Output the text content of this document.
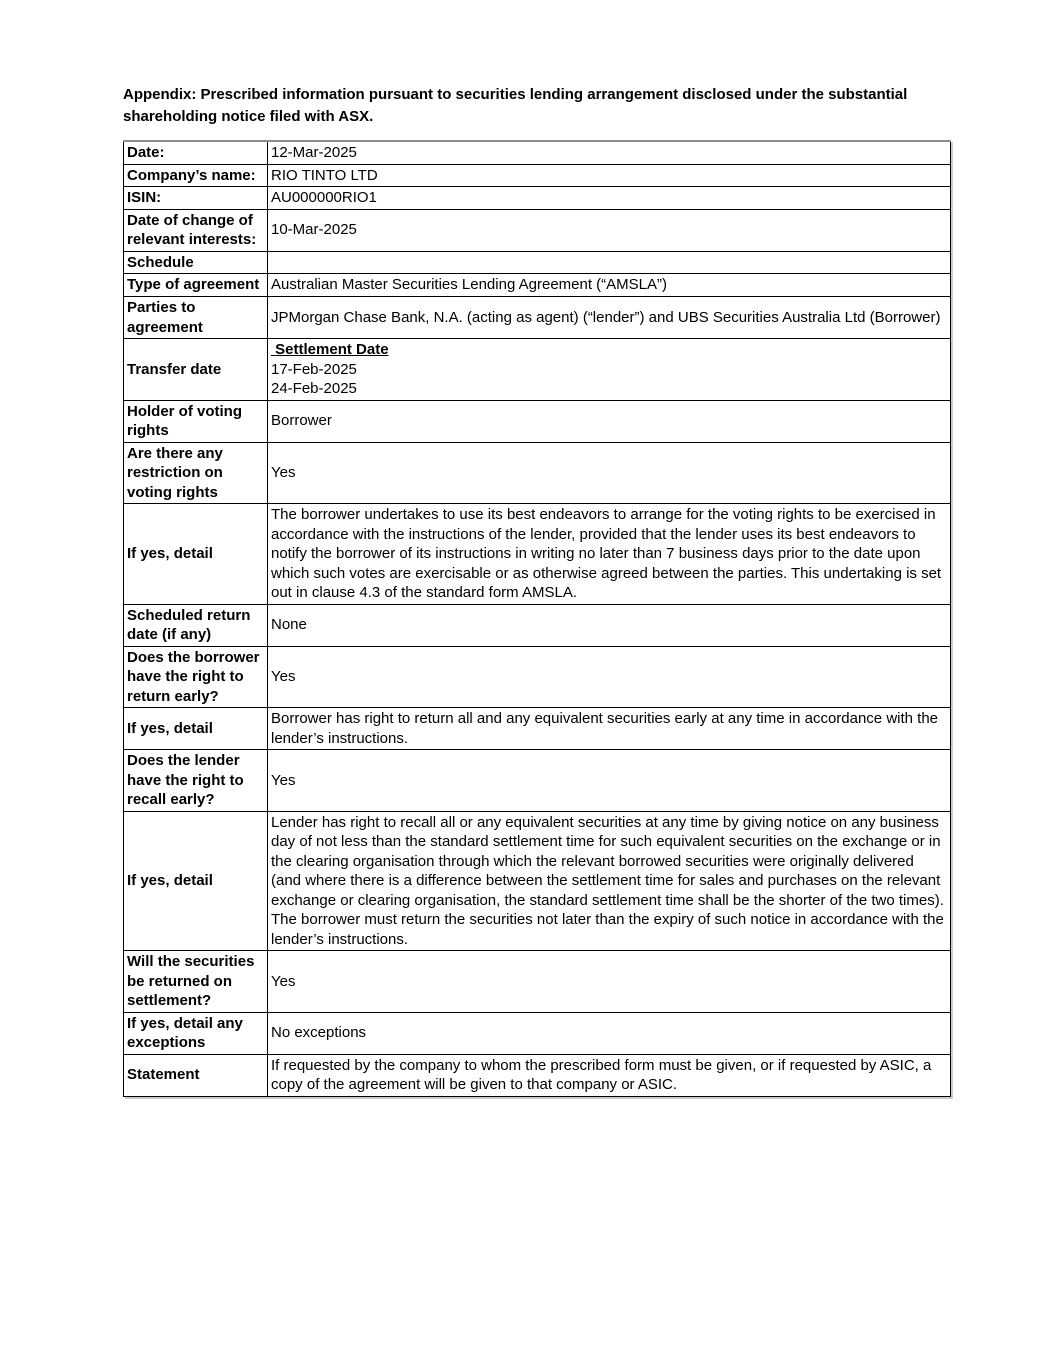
Appendix: Prescribed information pursuant to securities lending arrangement disclosed under the substantial shareholding notice filed with ASX.
Date:	12-Mar-2025
Company’s name:	RIO TINTO LTD
ISIN:	AU000000RIO1
Date of change of relevant interests:	10-Mar-2025
Schedule	
Type of agreement	Australian Master Securities Lending Agreement (“AMSLA”)
Parties to agreement	JPMorgan Chase Bank, N.A. (acting as agent) (“lender”) and UBS Securities Australia Ltd (Borrower)
Transfer date	Settlement Date
17-Feb-2025
24-Feb-2025

Holder of voting rights	Borrower
Are there any restriction on voting rights	Yes
If yes, detail	The borrower undertakes to use its best endeavors to arrange for the voting rights to be exercised in accordance with the instructions of the lender, provided that the lender uses its best endeavors to notify the borrower of its instructions in writing no later than 7 business days prior to the date upon which such votes are exercisable or as otherwise agreed between the parties. This undertaking is set out in clause 4.3 of the standard form AMSLA.
Scheduled return date (if any)	None
Does the borrower have the right to return early?	Yes
If yes, detail	Borrower has right to return all and any equivalent securities early at any time in accordance with the lender’s instructions.
Does the lender have the right to recall early?	Yes
If yes, detail	Lender has right to recall all or any equivalent securities at any time by giving notice on any business day of not less than the standard settlement time for such equivalent securities on the exchange or in the clearing organisation through which the relevant borrowed securities were originally delivered (and where there is a difference between the settlement time for sales and purchases on the relevant exchange or clearing organisation, the standard settlement time shall be the shorter of the two times). The borrower must return the securities not later than the expiry of such notice in accordance with the lender’s instructions.
Will the securities be returned on settlement?	Yes
If yes, detail any exceptions	No exceptions
Statement	If requested by the company to whom the prescribed form must be given, or if requested by ASIC, a copy of the agreement will be given to that company or ASIC.
